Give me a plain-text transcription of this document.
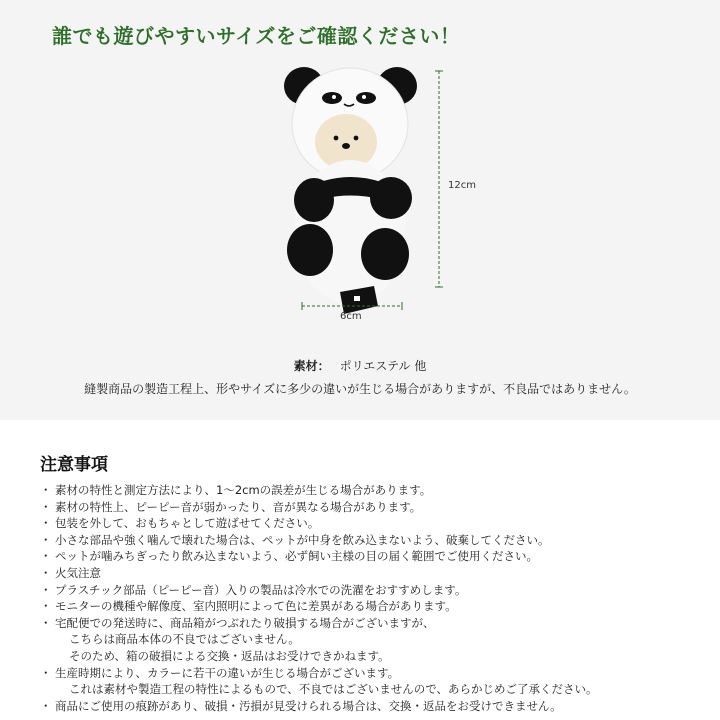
誰でも遊びやすいサイズをご確認ください！
12cm
6cm
素材： ポリエステル 他
縫製商品の製造工程上、形やサイズに多少の違いが生じる場合がありますが、不良品ではありません。
注意事項
・ 素材の特性と測定方法により、1〜2cmの誤差が生じる場合があります。
・ 素材の特性上、ピーピー音が弱かったり、音が異なる場合があります。
・ 包装を外して、おもちゃとして遊ばせてください。
・ 小さな部品や強く噛んで壊れた場合は、ペットが中身を飲み込まないよう、破棄してください。
・ ペットが噛みちぎったり飲み込まないよう、必ず飼い主様の目の届く範囲でご使用ください。
・ 火気注意
・ プラスチック部品（ピーピー音）入りの製品は冷水での洗濯をおすすめします。
・ モニターの機種や解像度、室内照明によって色に差異がある場合があります。
・ 宅配便での発送時に、商品箱がつぶれたり破損する場合がございますが、
こちらは商品本体の不良ではございません。
そのため、箱の破損による交換・返品はお受けできかねます。
・ 生産時期により、カラーに若干の違いが生じる場合がございます。
これは素材や製造工程の特性によるもので、不良ではございませんので、あらかじめご了承ください。
・ 商品にご使用の痕跡があり、破損・汚損が見受けられる場合は、交換・返品をお受けできません。
